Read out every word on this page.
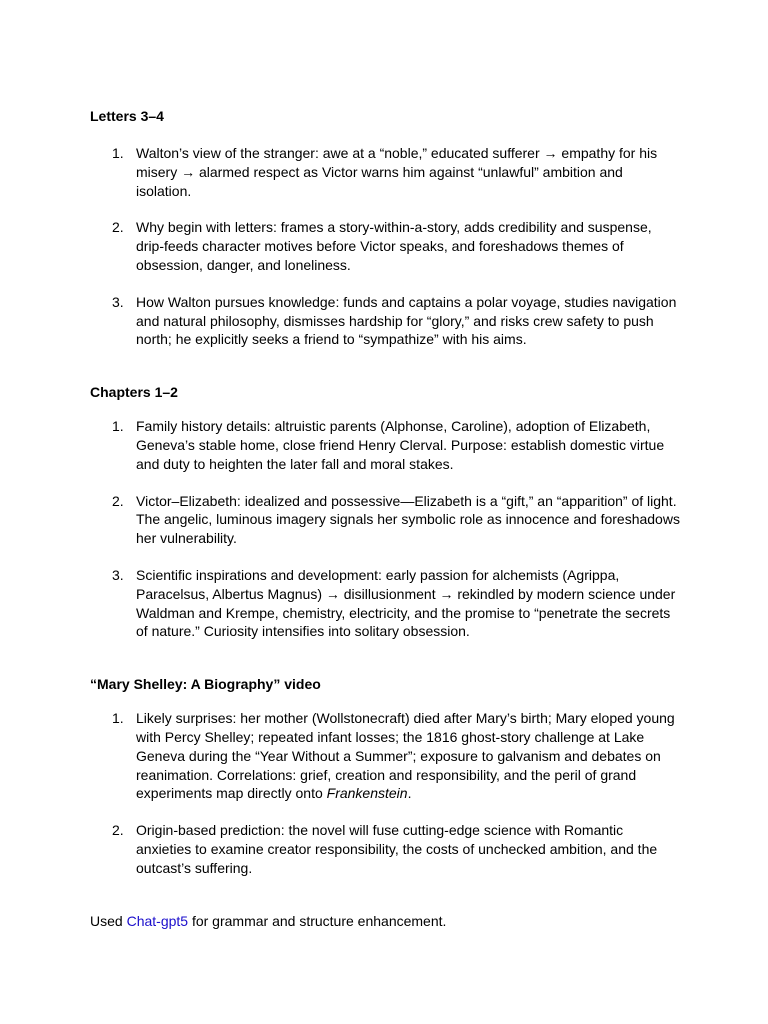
Letters 3–4
1. Walton’s view of the stranger: awe at a “noble,” educated sufferer → empathy for his misery → alarmed respect as Victor warns him against “unlawful” ambition and isolation.
2. Why begin with letters: frames a story-within-a-story, adds credibility and suspense, drip-feeds character motives before Victor speaks, and foreshadows themes of obsession, danger, and loneliness.
3. How Walton pursues knowledge: funds and captains a polar voyage, studies navigation and natural philosophy, dismisses hardship for “glory,” and risks crew safety to push north; he explicitly seeks a friend to “sympathize” with his aims.
Chapters 1–2
1. Family history details: altruistic parents (Alphonse, Caroline), adoption of Elizabeth, Geneva’s stable home, close friend Henry Clerval. Purpose: establish domestic virtue and duty to heighten the later fall and moral stakes.
2. Victor–Elizabeth: idealized and possessive—Elizabeth is a “gift,” an “apparition” of light. The angelic, luminous imagery signals her symbolic role as innocence and foreshadows her vulnerability.
3. Scientific inspirations and development: early passion for alchemists (Agrippa, Paracelsus, Albertus Magnus) → disillusionment → rekindled by modern science under Waldman and Krempe, chemistry, electricity, and the promise to “penetrate the secrets of nature.” Curiosity intensifies into solitary obsession.
“Mary Shelley: A Biography” video
1. Likely surprises: her mother (Wollstonecraft) died after Mary’s birth; Mary eloped young with Percy Shelley; repeated infant losses; the 1816 ghost-story challenge at Lake Geneva during the “Year Without a Summer”; exposure to galvanism and debates on reanimation. Correlations: grief, creation and responsibility, and the peril of grand experiments map directly onto Frankenstein.
2. Origin-based prediction: the novel will fuse cutting-edge science with Romantic anxieties to examine creator responsibility, the costs of unchecked ambition, and the outcast’s suffering.
Used Chat-gpt5 for grammar and structure enhancement.
